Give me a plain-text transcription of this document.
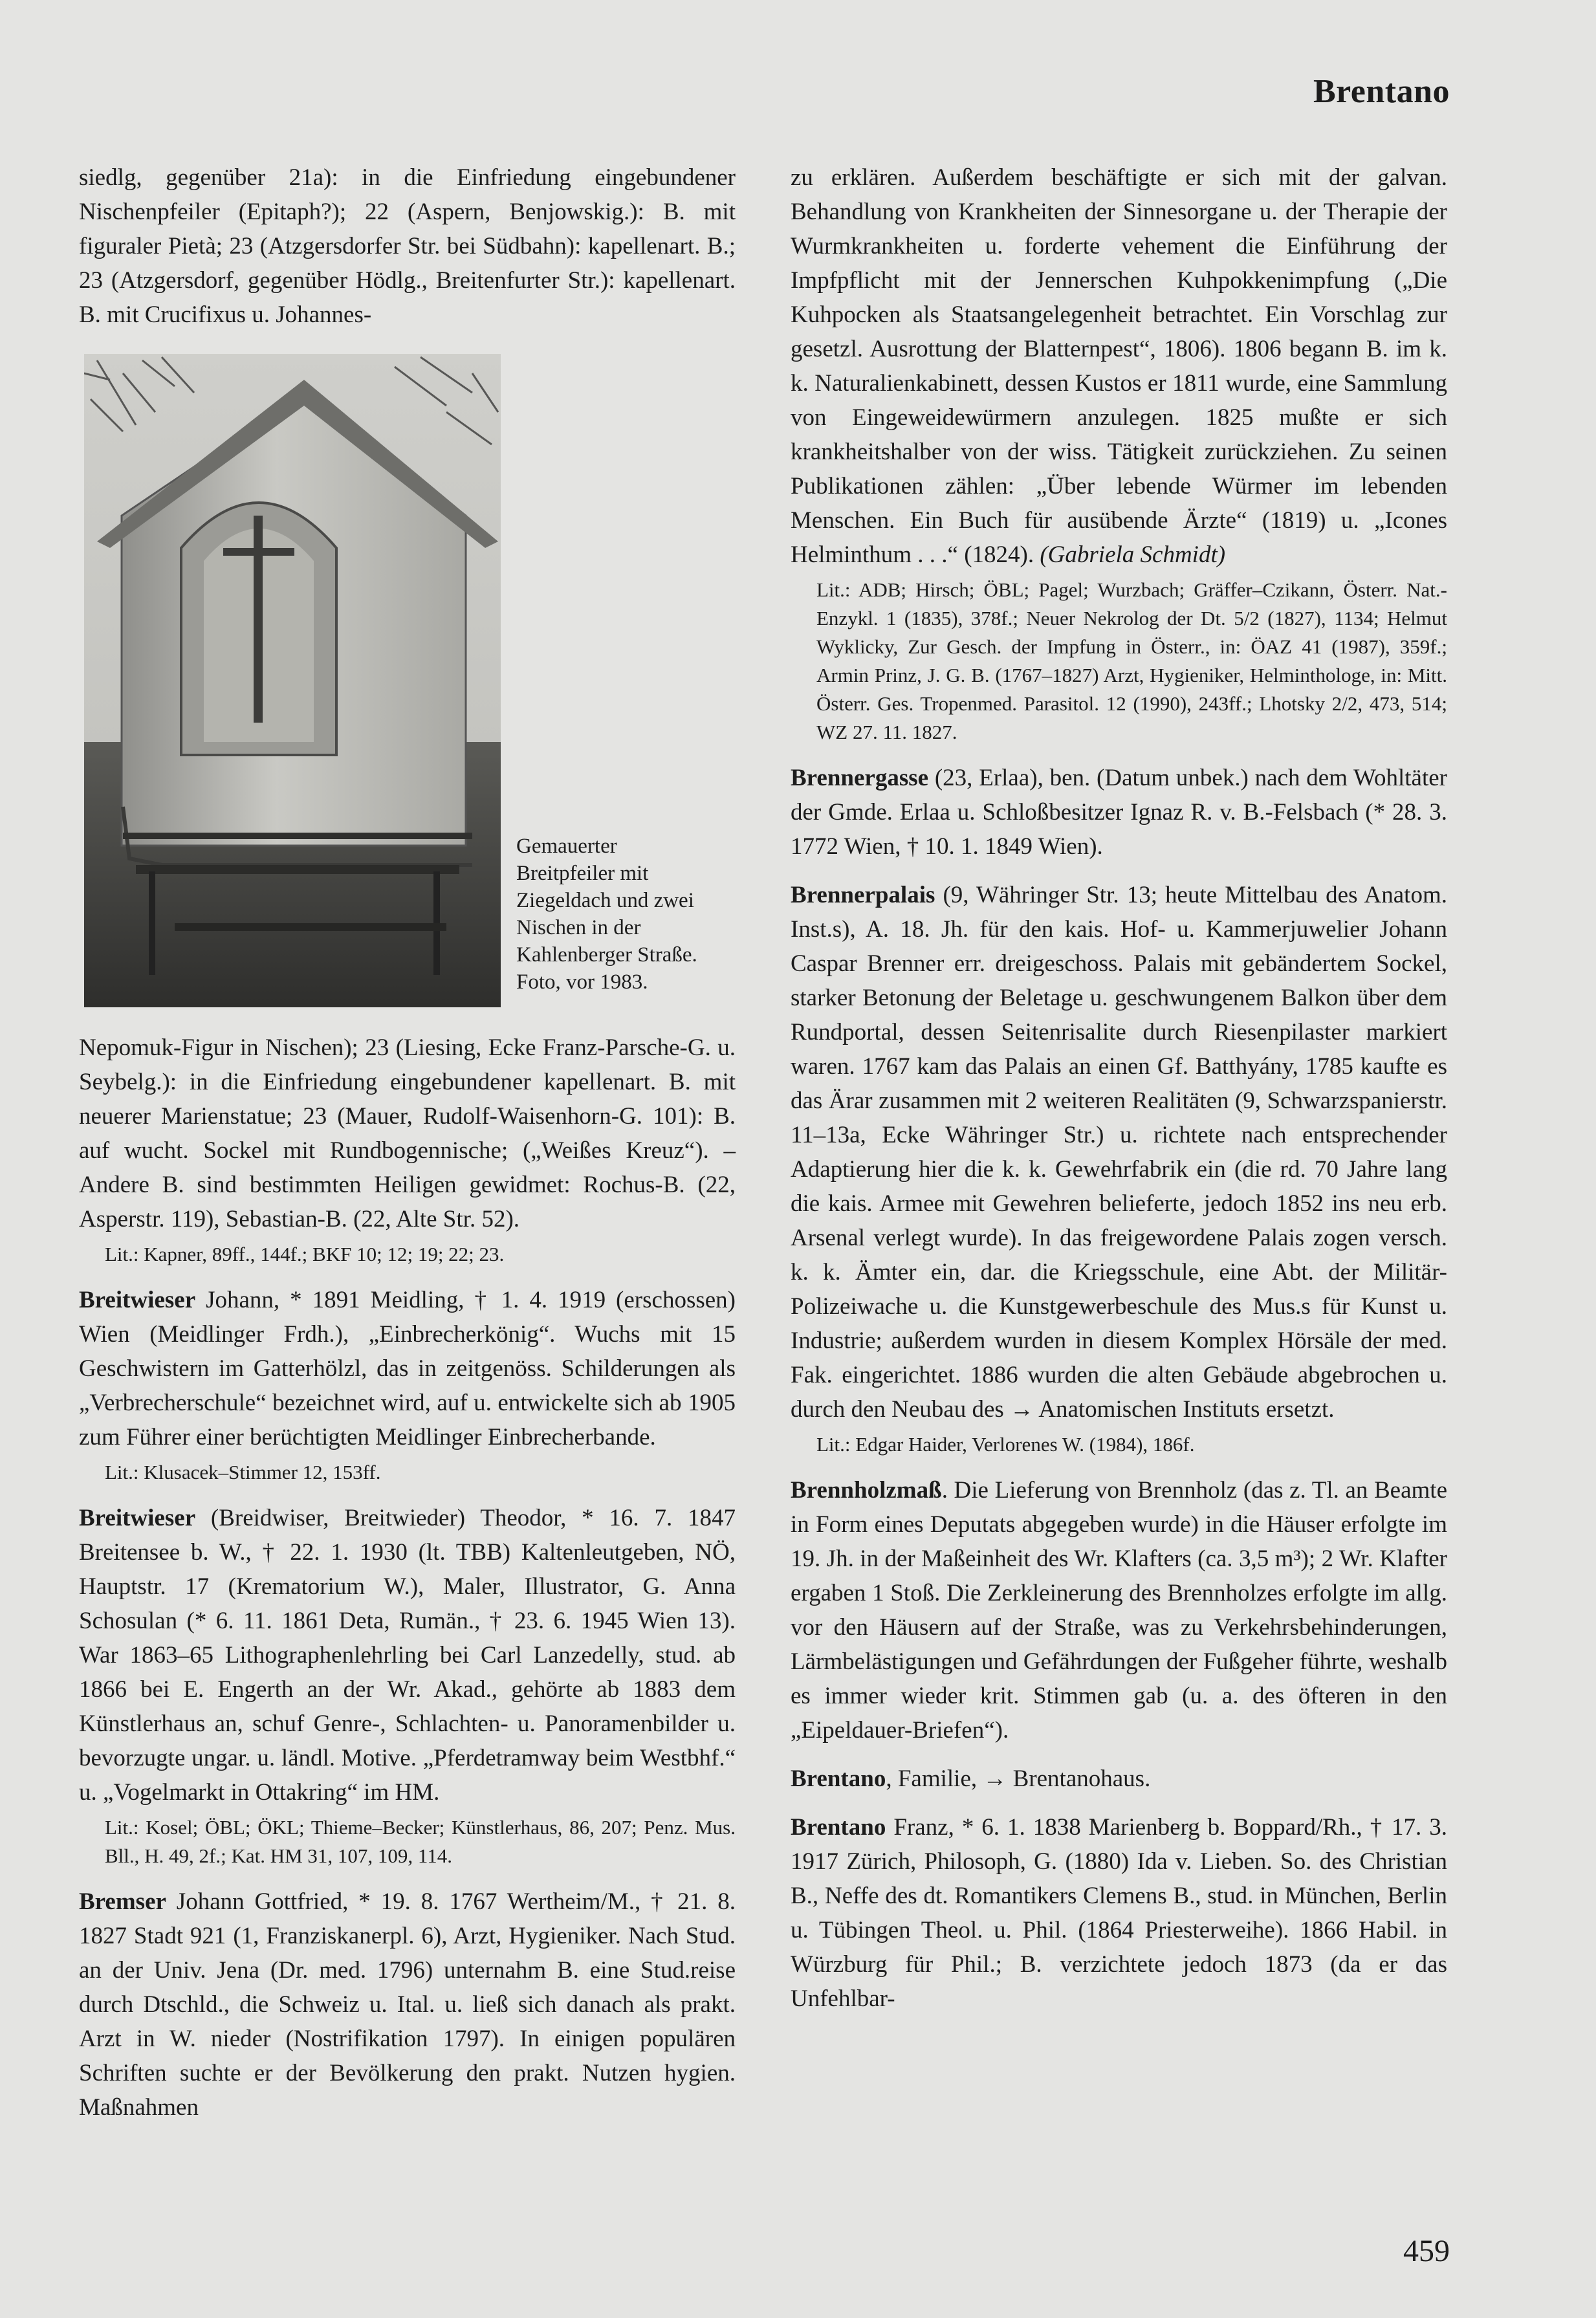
Brentano

siedlg, gegenüber 21a): in die Einfriedung eingebundener Nischenpfeiler (Epitaph?); 22 (Aspern, Benjowskig.): B. mit figuraler Pietà; 23 (Atzgersdorfer Str. bei Südbahn): kapellenart. B.; 23 (Atzgersdorf, gegenüber Hödlg., Breitenfurter Str.): kapellenart. B. mit Crucifixus u. Johannes-

Gemauerter
Breitpfeiler mit
Ziegeldach und zwei
Nischen in der
Kahlenberger Straße.
Foto, vor 1983.

Nepomuk-Figur in Nischen); 23 (Liesing, Ecke Franz-Parsche-G. u. Seybelg.): in die Einfriedung eingebundener kapellenart. B. mit neuerer Marienstatue; 23 (Mauer, Rudolf-Waisenhorn-G. 101): B. auf wucht. Sockel mit Rundbogennische; („Weißes Kreuz“). – Andere B. sind bestimmten Heiligen gewidmet: Rochus-B. (22, Asperstr. 119), Sebastian-B. (22, Alte Str. 52).

Lit.: Kapner, 89ff., 144f.; BKF 10; 12; 19; 22; 23.

Breitwieser Johann, * 1891 Meidling, † 1. 4. 1919 (erschossen) Wien (Meidlinger Frdh.), „Einbrecherkönig“. Wuchs mit 15 Geschwistern im Gatterhölzl, das in zeitgenöss. Schilderungen als „Verbrecherschule“ bezeichnet wird, auf u. entwickelte sich ab 1905 zum Führer einer berüchtigten Meidlinger Einbrecherbande.

Lit.: Klusacek–Stimmer 12, 153ff.

Breitwieser (Breidwiser, Breitwieder) Theodor, * 16. 7. 1847 Breitensee b. W., † 22. 1. 1930 (lt. TBB) Kaltenleutgeben, NÖ, Hauptstr. 17 (Krematorium W.), Maler, Illustrator, G. Anna Schosulan (* 6. 11. 1861 Deta, Rumän., † 23. 6. 1945 Wien 13). War 1863–65 Lithographenlehrling bei Carl Lanzedelly, stud. ab 1866 bei E. Engerth an der Wr. Akad., gehörte ab 1883 dem Künstlerhaus an, schuf Genre-, Schlachten- u. Panoramenbilder u. bevorzugte ungar. u. ländl. Motive. „Pferdetramway beim Westbhf.“ u. „Vogelmarkt in Ottakring“ im HM.

Lit.: Kosel; ÖBL; ÖKL; Thieme–Becker; Künstlerhaus, 86, 207; Penz. Mus. Bll., H. 49, 2f.; Kat. HM 31, 107, 109, 114.

Bremser Johann Gottfried, * 19. 8. 1767 Wertheim/M., † 21. 8. 1827 Stadt 921 (1, Franziskanerpl. 6), Arzt, Hygieniker. Nach Stud. an der Univ. Jena (Dr. med. 1796) unternahm B. eine Stud.reise durch Dtschld., die Schweiz u. Ital. u. ließ sich danach als prakt. Arzt in W. nieder (Nostrifikation 1797). In einigen populären Schriften suchte er der Bevölkerung den prakt. Nutzen hygien. Maßnahmen

zu erklären. Außerdem beschäftigte er sich mit der galvan. Behandlung von Krankheiten der Sinnesorgane u. der Therapie der Wurmkrankheiten u. forderte vehement die Einführung der Impfpflicht mit der Jennerschen Kuhpokkenimpfung („Die Kuhpocken als Staatsangelegenheit betrachtet. Ein Vorschlag zur gesetzl. Ausrottung der Blatternpest“, 1806). 1806 begann B. im k. k. Naturalienkabinett, dessen Kustos er 1811 wurde, eine Sammlung von Eingeweidewürmern anzulegen. 1825 mußte er sich krankheitshalber von der wiss. Tätigkeit zurückziehen. Zu seinen Publikationen zählen: „Über lebende Würmer im lebenden Menschen. Ein Buch für ausübende Ärzte“ (1819) u. „Icones Helminthum . . .“ (1824). (Gabriela Schmidt)

Lit.: ADB; Hirsch; ÖBL; Pagel; Wurzbach; Gräffer–Czikann, Österr. Nat.-Enzykl. 1 (1835), 378f.; Neuer Nekrolog der Dt. 5/2 (1827), 1134; Helmut Wyklicky, Zur Gesch. der Impfung in Österr., in: ÖAZ 41 (1987), 359f.; Armin Prinz, J. G. B. (1767–1827) Arzt, Hygieniker, Helminthologe, in: Mitt. Österr. Ges. Tropenmed. Parasitol. 12 (1990), 243ff.; Lhotsky 2/2, 473, 514; WZ 27. 11. 1827.

Brennergasse (23, Erlaa), ben. (Datum unbek.) nach dem Wohltäter der Gmde. Erlaa u. Schloßbesitzer Ignaz R. v. B.-Felsbach (* 28. 3. 1772 Wien, † 10. 1. 1849 Wien).

Brennerpalais (9, Währinger Str. 13; heute Mittelbau des Anatom. Inst.s), A. 18. Jh. für den kais. Hof- u. Kammerjuwelier Johann Caspar Brenner err. dreigeschoss. Palais mit gebändertem Sockel, starker Betonung der Beletage u. geschwungenem Balkon über dem Rundportal, dessen Seitenrisalite durch Riesenpilaster markiert waren. 1767 kam das Palais an einen Gf. Batthyány, 1785 kaufte es das Ärar zusammen mit 2 weiteren Realitäten (9, Schwarzspanierstr. 11–13a, Ecke Währinger Str.) u. richtete nach entsprechender Adaptierung hier die k. k. Gewehrfabrik ein (die rd. 70 Jahre lang die kais. Armee mit Gewehren belieferte, jedoch 1852 ins neu erb. Arsenal verlegt wurde). In das freigewordene Palais zogen versch. k. k. Ämter ein, dar. die Kriegsschule, eine Abt. der Militär-Polizeiwache u. die Kunstgewerbeschule des Mus.s für Kunst u. Industrie; außerdem wurden in diesem Komplex Hörsäle der med. Fak. eingerichtet. 1886 wurden die alten Gebäude abgebrochen u. durch den Neubau des → Anatomischen Instituts ersetzt.

Lit.: Edgar Haider, Verlorenes W. (1984), 186f.

Brennholzmaß. Die Lieferung von Brennholz (das z. Tl. an Beamte in Form eines Deputats abgegeben wurde) in die Häuser erfolgte im 19. Jh. in der Maßeinheit des Wr. Klafters (ca. 3,5 m³); 2 Wr. Klafter ergaben 1 Stoß. Die Zerkleinerung des Brennholzes erfolgte im allg. vor den Häusern auf der Straße, was zu Verkehrsbehinderungen, Lärmbelästigungen und Gefährdungen der Fußgeher führte, weshalb es immer wieder krit. Stimmen gab (u. a. des öfteren in den „Eipeldauer-Briefen“).

Brentano, Familie, → Brentanohaus.

Brentano Franz, * 6. 1. 1838 Marienberg b. Boppard/Rh., † 17. 3. 1917 Zürich, Philosoph, G. (1880) Ida v. Lieben. So. des Christian B., Neffe des dt. Romantikers Clemens B., stud. in München, Berlin u. Tübingen Theol. u. Phil. (1864 Priesterweihe). 1866 Habil. in Würzburg für Phil.; B. verzichtete jedoch 1873 (da er das Unfehlbar-

459
